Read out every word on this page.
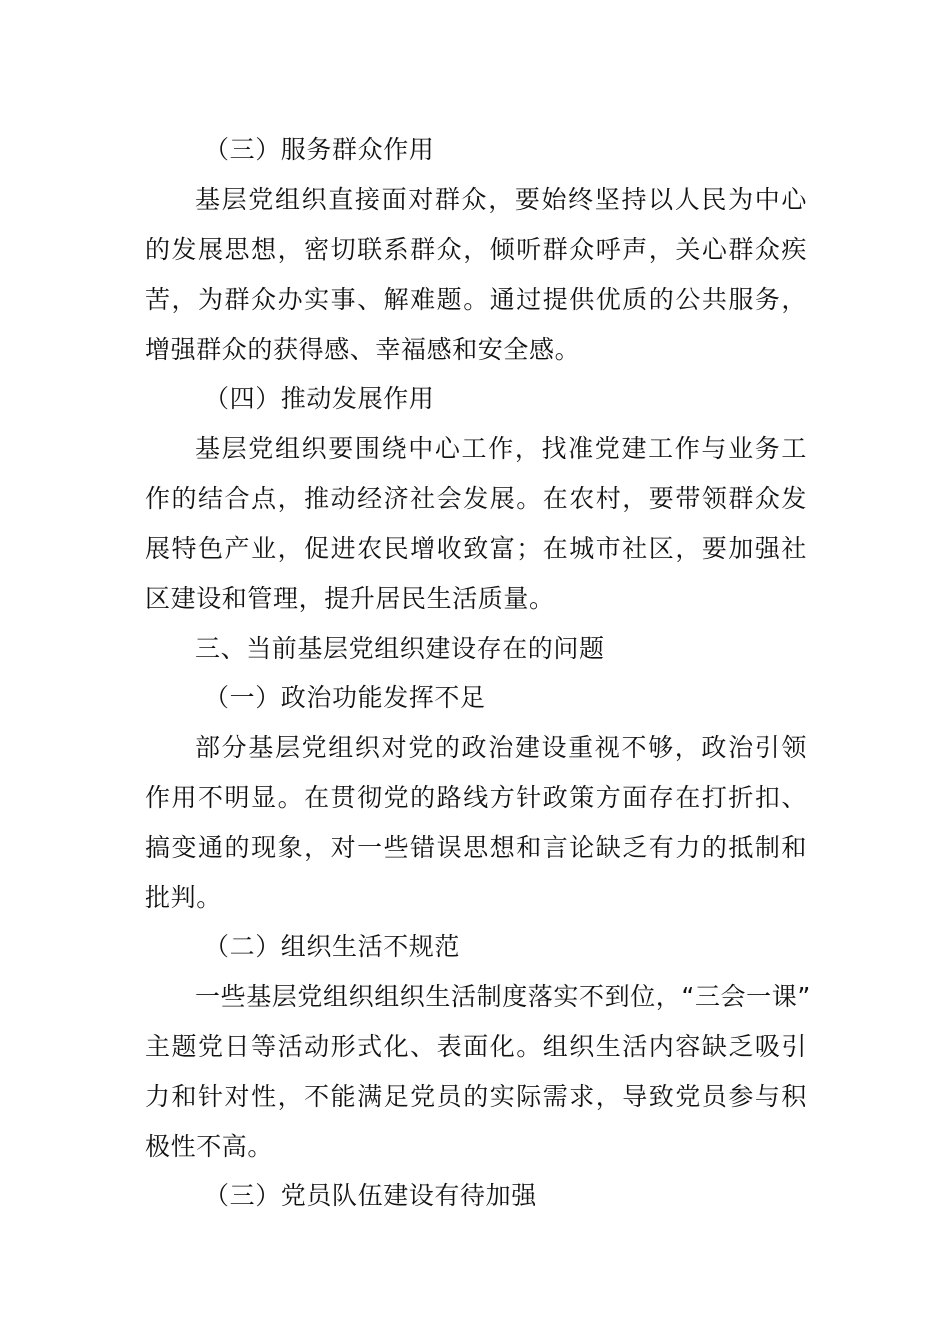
（三）服务群众作用
基层党组织直接面对群众，要始终坚持以人民为中心
的发展思想，密切联系群众，倾听群众呼声，关心群众疾
苦，为群众办实事、解难题。通过提供优质的公共服务，
增强群众的获得感、幸福感和安全感。
（四）推动发展作用
基层党组织要围绕中心工作，找准党建工作与业务工
作的结合点，推动经济社会发展。在农村，要带领群众发
展特色产业，促进农民增收致富；在城市社区，要加强社
区建设和管理，提升居民生活质量。
三、当前基层党组织建设存在的问题
（一）政治功能发挥不足
部分基层党组织对党的政治建设重视不够，政治引领
作用不明显。在贯彻党的路线方针政策方面存在打折扣、
搞变通的现象，对一些错误思想和言论缺乏有力的抵制和
批判。
（二）组织生活不规范
一些基层党组织组织生活制度落实不到位，“三会一课”
主题党日等活动形式化、表面化。组织生活内容缺乏吸引
力和针对性，不能满足党员的实际需求，导致党员参与积
极性不高。
（三）党员队伍建设有待加强
